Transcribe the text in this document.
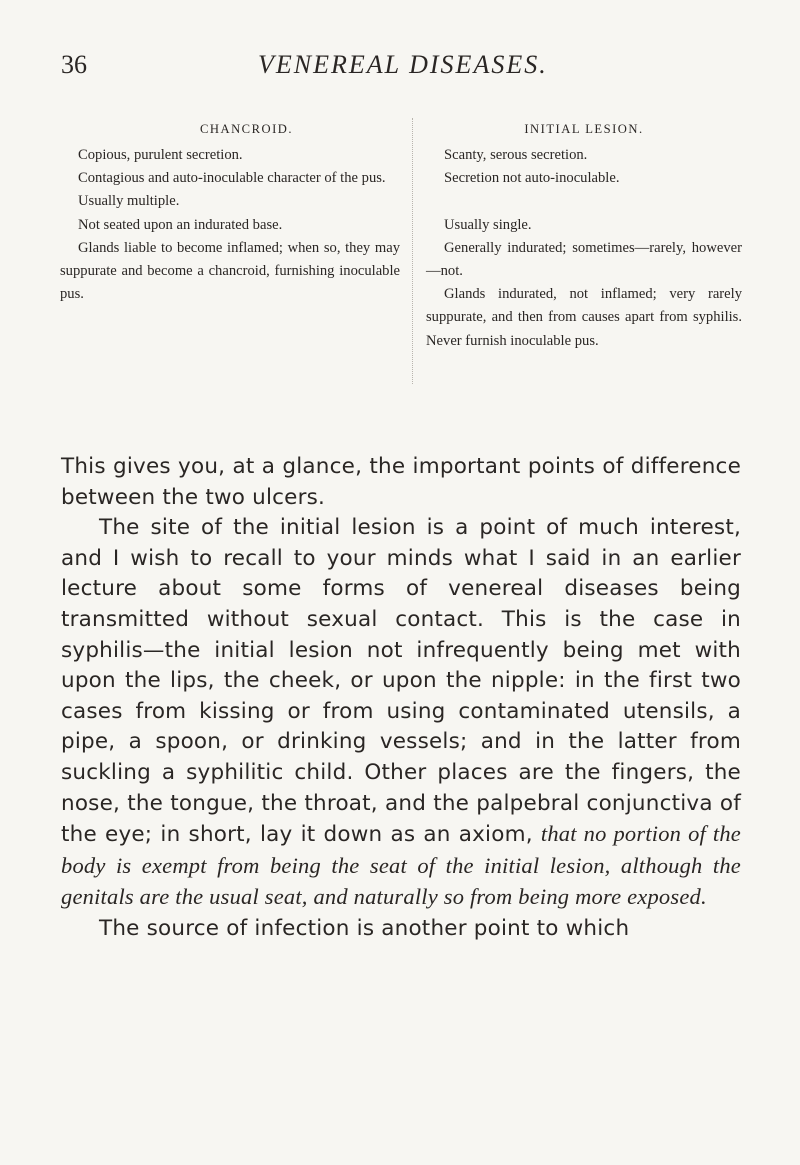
36	VENEREAL DISEASES.
CHANCROID.

Copious, purulent secretion.

Contagious and auto-inoculable character of the pus.

Usually multiple.

Not seated upon an indurated base.

Glands liable to become inflamed; when so, they may suppurate and become a chancroid, furnishing inoculable pus.

INITIAL LESION.

Scanty, serous secretion.

Secretion not auto-inoculable.

Usually single.

Generally indurated; sometimes—rarely, however—not.

Glands indurated, not inflamed; very rarely suppurate, and then from causes apart from syphilis. Never furnish inoculable pus.

This gives you, at a glance, the important points of difference between the two ulcers.

The site of the initial lesion is a point of much interest, and I wish to recall to your minds what I said in an earlier lecture about some forms of venereal diseases being transmitted without sexual contact. This is the case in syphilis—the initial lesion not infrequently being met with upon the lips, the cheek, or upon the nipple: in the first two cases from kissing or from using contaminated utensils, a pipe, a spoon, or drinking vessels; and in the latter from suckling a syphilitic child. Other places are the fingers, the nose, the tongue, the throat, and the palpebral conjunctiva of the eye; in short, lay it down as an axiom, that no portion of the body is exempt from being the seat of the initial lesion, although the genitals are the usual seat, and naturally so from being more exposed.

The source of infection is another point to which
